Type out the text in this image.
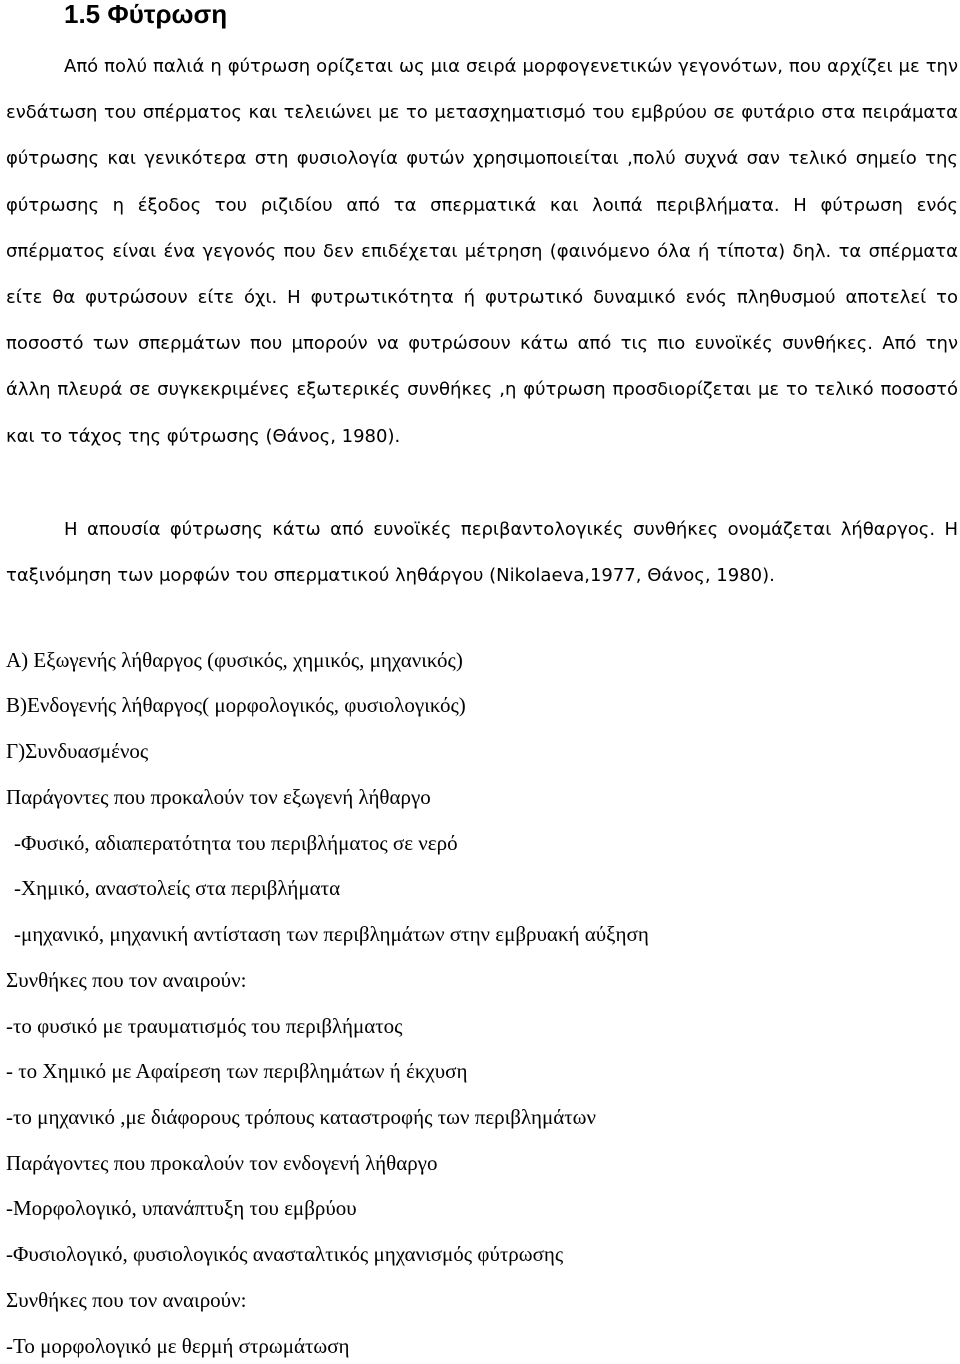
1.5 Φύτρωση

Από πολύ παλιά η φύτρωση ορίζεται ως μια σειρά μορφογενετικών γεγονότων, που αρχίζει με την ενδάτωση του σπέρματος και τελειώνει με το μετασχηματισμό του εμβρύου σε φυτάριο στα πειράματα φύτρωσης και γενικότερα στη φυσιολογία φυτών χρησιμοποιείται ,πολύ συχνά σαν τελικό σημείο της φύτρωσης η έξοδος του ριζιδίου από τα σπερματικά και λοιπά περιβλήματα. Η φύτρωση ενός σπέρματος είναι ένα γεγονός που δεν επιδέχεται μέτρηση (φαινόμενο όλα ή τίποτα) δηλ. τα σπέρματα είτε θα φυτρώσουν είτε όχι. Η φυτρωτικότητα ή φυτρωτικό δυναμικό ενός πληθυσμού αποτελεί το ποσοστό των σπερμάτων που μπορούν να φυτρώσουν κάτω από τις πιο ευνοϊκές συνθήκες. Από την άλλη πλευρά σε συγκεκριμένες εξωτερικές συνθήκες ,η φύτρωση προσδιορίζεται με το τελικό ποσοστό και το τάχος της φύτρωσης (Θάνος, 1980).

Η απουσία φύτρωσης κάτω από ευνοϊκές περιβαντολογικές συνθήκες ονομάζεται λήθαργος. Η ταξινόμηση των μορφών του σπερματικού ληθάργου (Nikolaeva,1977, Θάνος, 1980).

Α) Εξωγενής λήθαργος (φυσικός, χημικός, μηχανικός)

Β)Ενδογενής λήθαργος( μορφολογικός, φυσιολογικός)

Γ)Συνδυασμένος

Παράγοντες που προκαλούν τον εξωγενή λήθαργο

-Φυσικό, αδιαπερατότητα του περιβλήματος σε νερό

-Χημικό, αναστολείς στα περιβλήματα

-μηχανικό, μηχανική αντίσταση των περιβλημάτων στην εμβρυακή αύξηση

Συνθήκες που τον αναιρούν:

-το φυσικό με τραυματισμός του περιβλήματος

- το Χημικό με Αφαίρεση των περιβλημάτων ή έκχυση

-το μηχανικό ,με διάφορους τρόπους καταστροφής των περιβλημάτων

Παράγοντες που προκαλούν τον ενδογενή λήθαργο

-Μορφολογικό, υπανάπτυξη του εμβρύου

-Φυσιολογικό, φυσιολογικός ανασταλτικός μηχανισμός φύτρωσης

Συνθήκες που τον αναιρούν:

-Το μορφολογικό με θερμή στρωμάτωση
